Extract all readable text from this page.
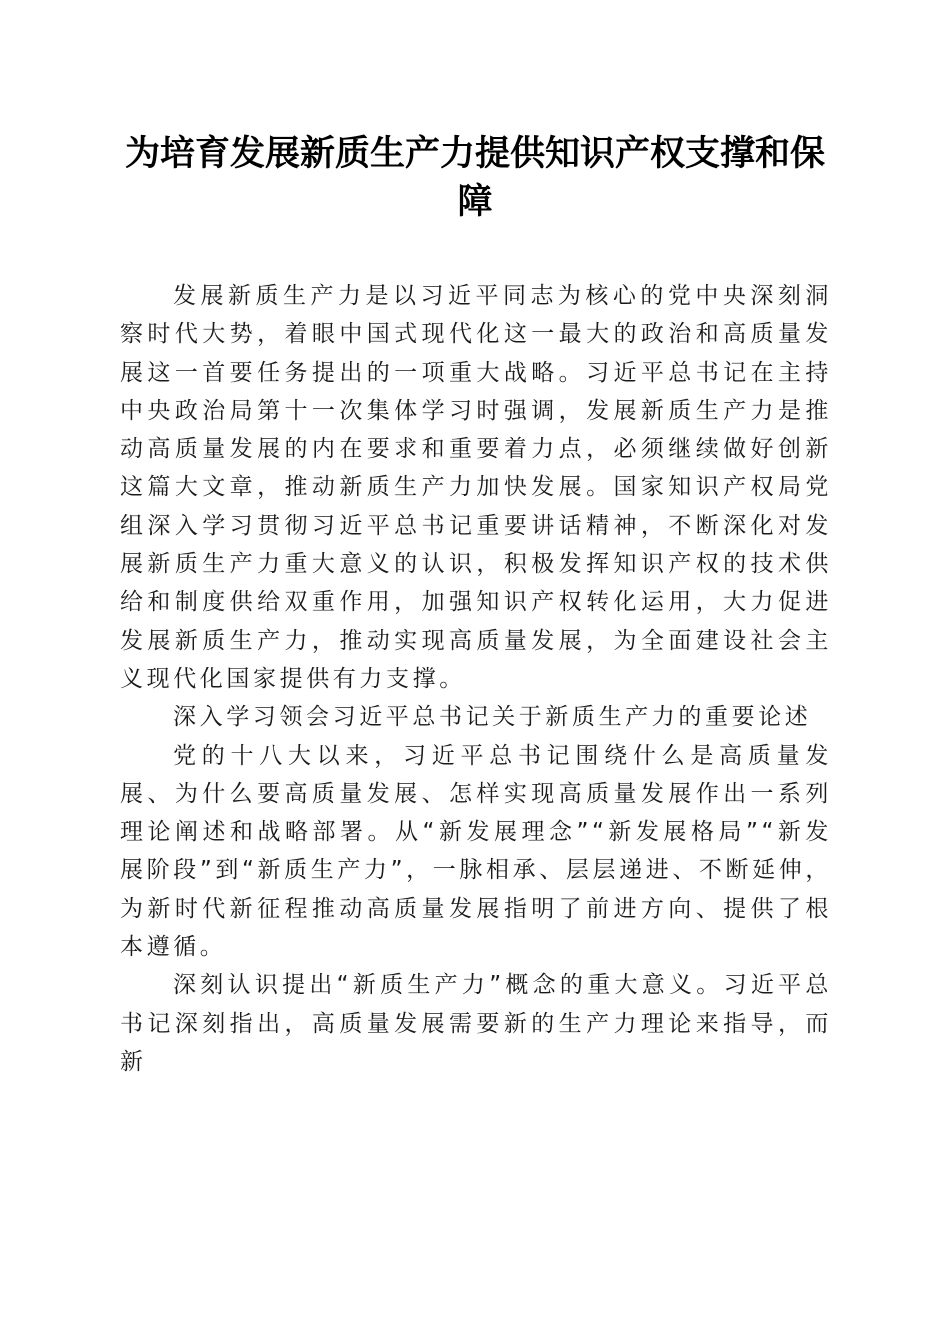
为培育发展新质生产力提供知识产权支撑和保障

发展新质生产力是以习近平同志为核心的党中央深刻洞察时代大势，着眼中国式现代化这一最大的政治和高质量发展这一首要任务提出的一项重大战略。习近平总书记在主持中央政治局第十一次集体学习时强调，发展新质生产力是推动高质量发展的内在要求和重要着力点，必须继续做好创新这篇大文章，推动新质生产力加快发展。国家知识产权局党组深入学习贯彻习近平总书记重要讲话精神，不断深化对发展新质生产力重大意义的认识，积极发挥知识产权的技术供给和制度供给双重作用，加强知识产权转化运用，大力促进发展新质生产力，推动实现高质量发展，为全面建设社会主义现代化国家提供有力支撑。

深入学习领会习近平总书记关于新质生产力的重要论述

党的十八大以来，习近平总书记围绕什么是高质量发展、为什么要高质量发展、怎样实现高质量发展作出一系列理论阐述和战略部署。从“新发展理念”“新发展格局”“新发展阶段”到“新质生产力”，一脉相承、层层递进、不断延伸，为新时代新征程推动高质量发展指明了前进方向、提供了根本遵循。

深刻认识提出“新质生产力”概念的重大意义。习近平总书记深刻指出，高质量发展需要新的生产力理论来指导，而新
